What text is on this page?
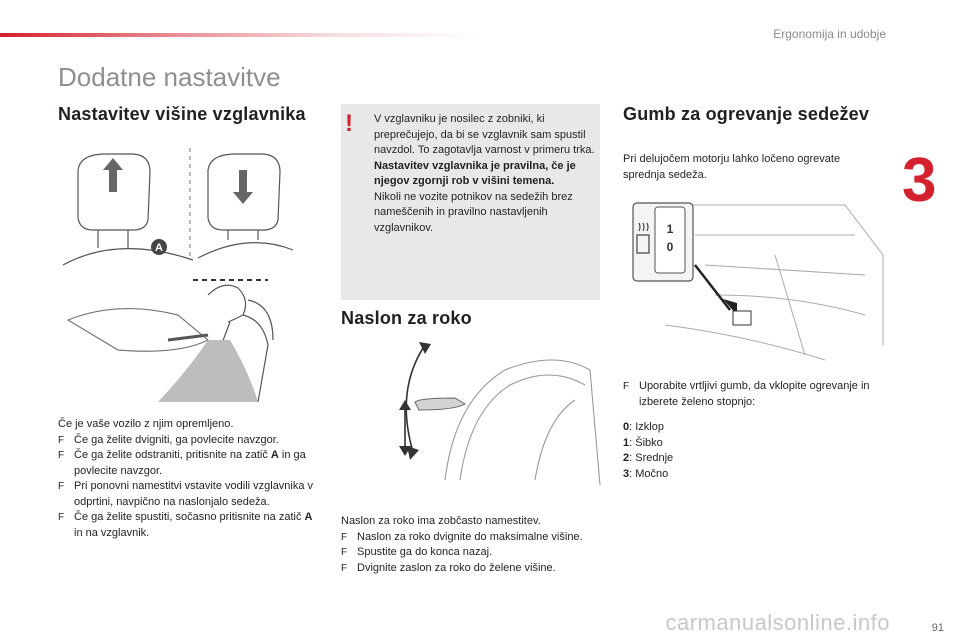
Ergonomija in udobje
3
Dodatne nastavitve
Nastavitev višine vzglavnika
A

Če je vaše vozilo z njim opremljeno.

F Če ga želite dvigniti, ga povlecite navzgor.
F Če ga želite odstraniti, pritisnite na zatič A in ga povlecite navzgor.
F Pri ponovni namestitvi vstavite vodili vzglavnika v odprtini, navpično na naslonjalo sedeža.
F Če ga želite spustiti, sočasno pritisnite na zatič A in na vzglavnik.
! V vzglavniku je nosilec z zobniki, ki preprečujejo, da bi se vzglavnik sam spustil navzdol. To zagotavlja varnost v primeru trka.

Nastavitev vzglavnika je pravilna, če je njegov zgornji rob v višini temena.

Nikoli ne vozite potnikov na sedežih brez nameščenih in pravilno nastavljenih vzglavnikov.

Naslon za roko

Naslon za roko ima zobčasto namestitev.

F Naslon za roko dvignite do maksimalne višine.
F Spustite ga do konca nazaj.
F Dvignite zaslon za roko do želene višine.
Gumb za ogrevanje sedežev
Pri delujočem motorju lahko ločeno ogrevate sprednja sedeža.
1
0
F Uporabite vrtljivi gumb, da vklopite ogrevanje in izberete želeno stopnjo:

0: Izklop

1: Šibko

2: Srednje

3: Močno

carmanualsonline.info	91
